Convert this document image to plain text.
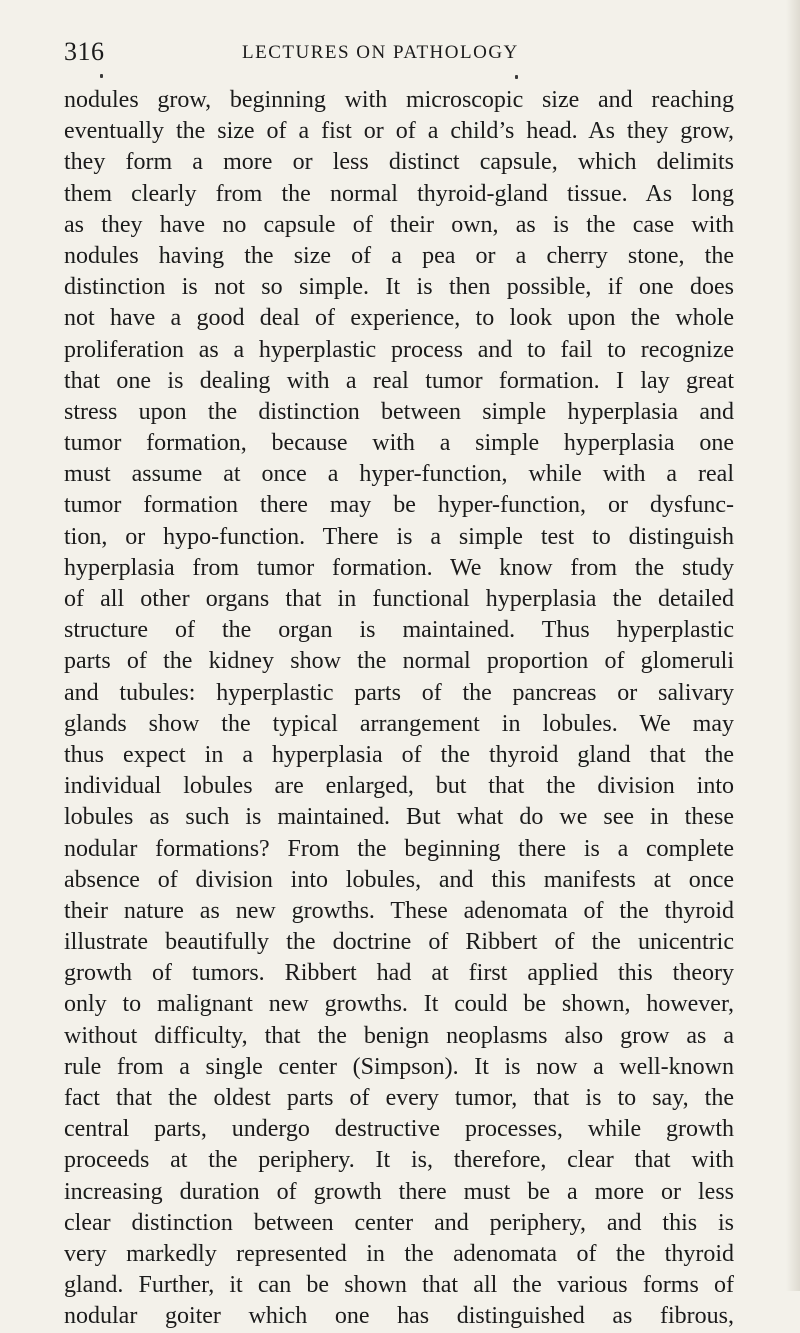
316	LECTURES ON PATHOLOGY
nodules grow, beginning with microscopic size and reaching
eventually the size of a fist or of a child’s head. As they grow,
they form a more or less distinct capsule, which delimits
them clearly from the normal thyroid-gland tissue. As long
as they have no capsule of their own, as is the case with
nodules having the size of a pea or a cherry stone, the
distinction is not so simple. It is then possible, if one does
not have a good deal of experience, to look upon the whole
proliferation as a hyperplastic process and to fail to recognize
that one is dealing with a real tumor formation. I lay great
stress upon the distinction between simple hyperplasia and
tumor formation, because with a simple hyperplasia one
must assume at once a hyper-function, while with a real
tumor formation there may be hyper-function, or dysfunc-
tion, or hypo-function. There is a simple test to distinguish
hyperplasia from tumor formation. We know from the study
of all other organs that in functional hyperplasia the detailed
structure of the organ is maintained. Thus hyperplastic
parts of the kidney show the normal proportion of glomeruli
and tubules: hyperplastic parts of the pancreas or salivary
glands show the typical arrangement in lobules. We may
thus expect in a hyperplasia of the thyroid gland that the
individual lobules are enlarged, but that the division into
lobules as such is maintained. But what do we see in these
nodular formations? From the beginning there is a complete
absence of division into lobules, and this manifests at once
their nature as new growths. These adenomata of the thyroid
illustrate beautifully the doctrine of Ribbert of the unicentric
growth of tumors. Ribbert had at first applied this theory
only to malignant new growths. It could be shown, however,
without difficulty, that the benign neoplasms also grow as a
rule from a single center (Simpson). It is now a well-known
fact that the oldest parts of every tumor, that is to say, the
central parts, undergo destructive processes, while growth
proceeds at the periphery. It is, therefore, clear that with
increasing duration of growth there must be a more or less
clear distinction between center and periphery, and this is
very markedly represented in the adenomata of the thyroid
gland. Further, it can be shown that all the various forms of
nodular goiter which one has distinguished as fibrous,
